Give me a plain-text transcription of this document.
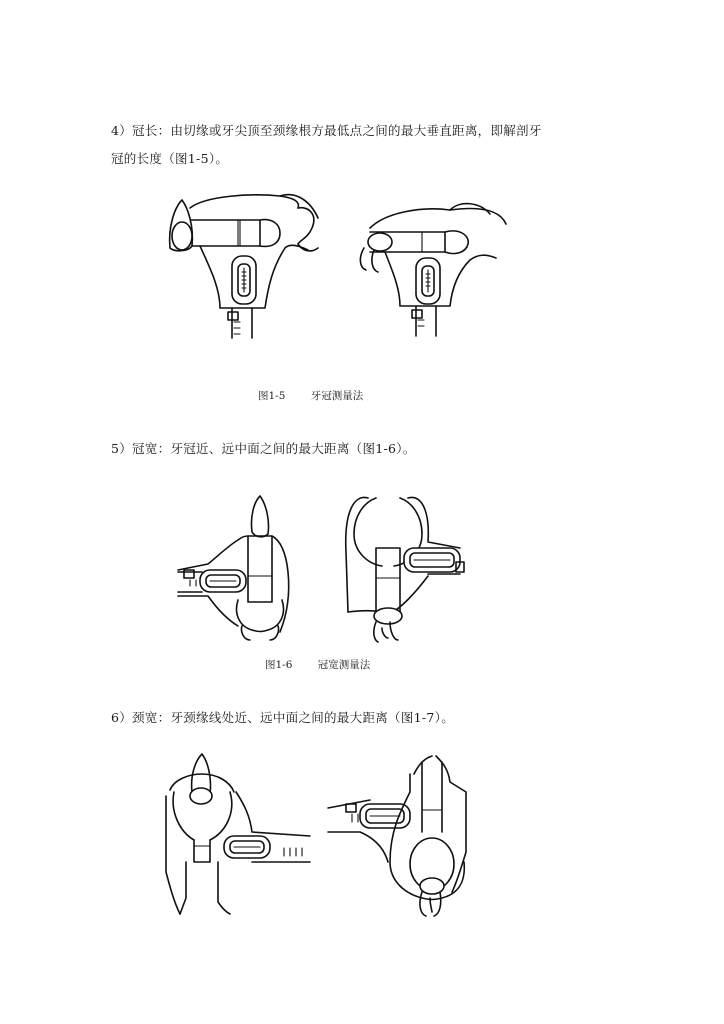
4）冠长：由切缘或牙尖顶至颈缘根方最低点之间的最大垂直距离，即解剖牙
冠的长度（图1-5）。
图1-5 牙冠测量法
5）冠宽：牙冠近、远中面之间的最大距离（图1-6）。
图1-6 冠宽测量法
6）颈宽：牙颈缘线处近、远中面之间的最大距离（图1-7）。
